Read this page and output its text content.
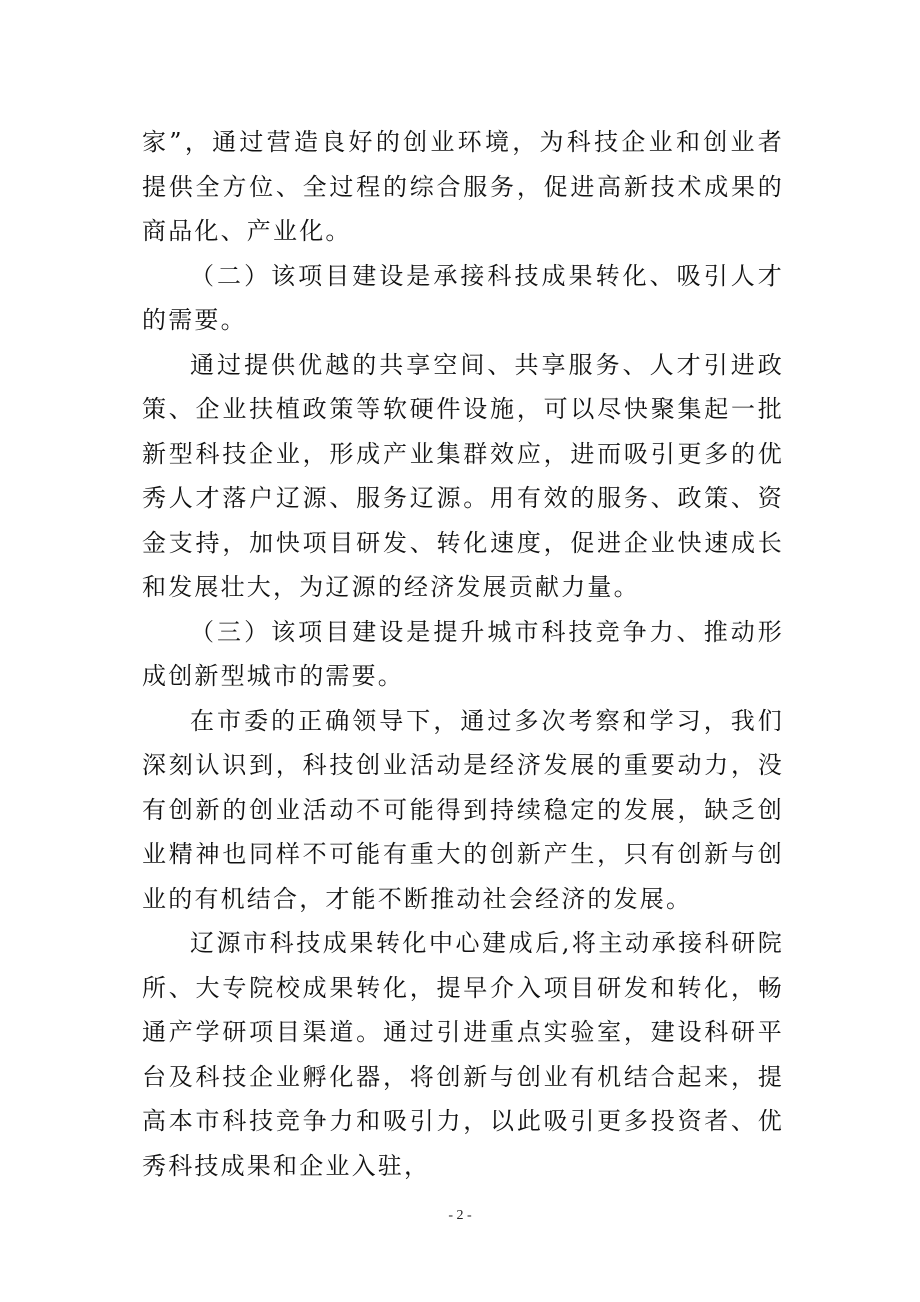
家”，通过营造良好的创业环境，为科技企业和创业者提供全方位、全过程的综合服务，促进高新技术成果的商品化、产业化。

（二）该项目建设是承接科技成果转化、吸引人才的需要。

通过提供优越的共享空间、共享服务、人才引进政策、企业扶植政策等软硬件设施，可以尽快聚集起一批新型科技企业，形成产业集群效应，进而吸引更多的优秀人才落户辽源、服务辽源。用有效的服务、政策、资金支持，加快项目研发、转化速度，促进企业快速成长和发展壮大，为辽源的经济发展贡献力量。

（三）该项目建设是提升城市科技竞争力、推动形成创新型城市的需要。

在市委的正确领导下，通过多次考察和学习，我们深刻认识到，科技创业活动是经济发展的重要动力，没有创新的创业活动不可能得到持续稳定的发展，缺乏创业精神也同样不可能有重大的创新产生，只有创新与创业的有机结合，才能不断推动社会经济的发展。

辽源市科技成果转化中心建成后,将主动承接科研院所、大专院校成果转化，提早介入项目研发和转化，畅通产学研项目渠道。通过引进重点实验室，建设科研平台及科技企业孵化器，将创新与创业有机结合起来，提高本市科技竞争力和吸引力，以此吸引更多投资者、优秀科技成果和企业入驻，

- 2 -
